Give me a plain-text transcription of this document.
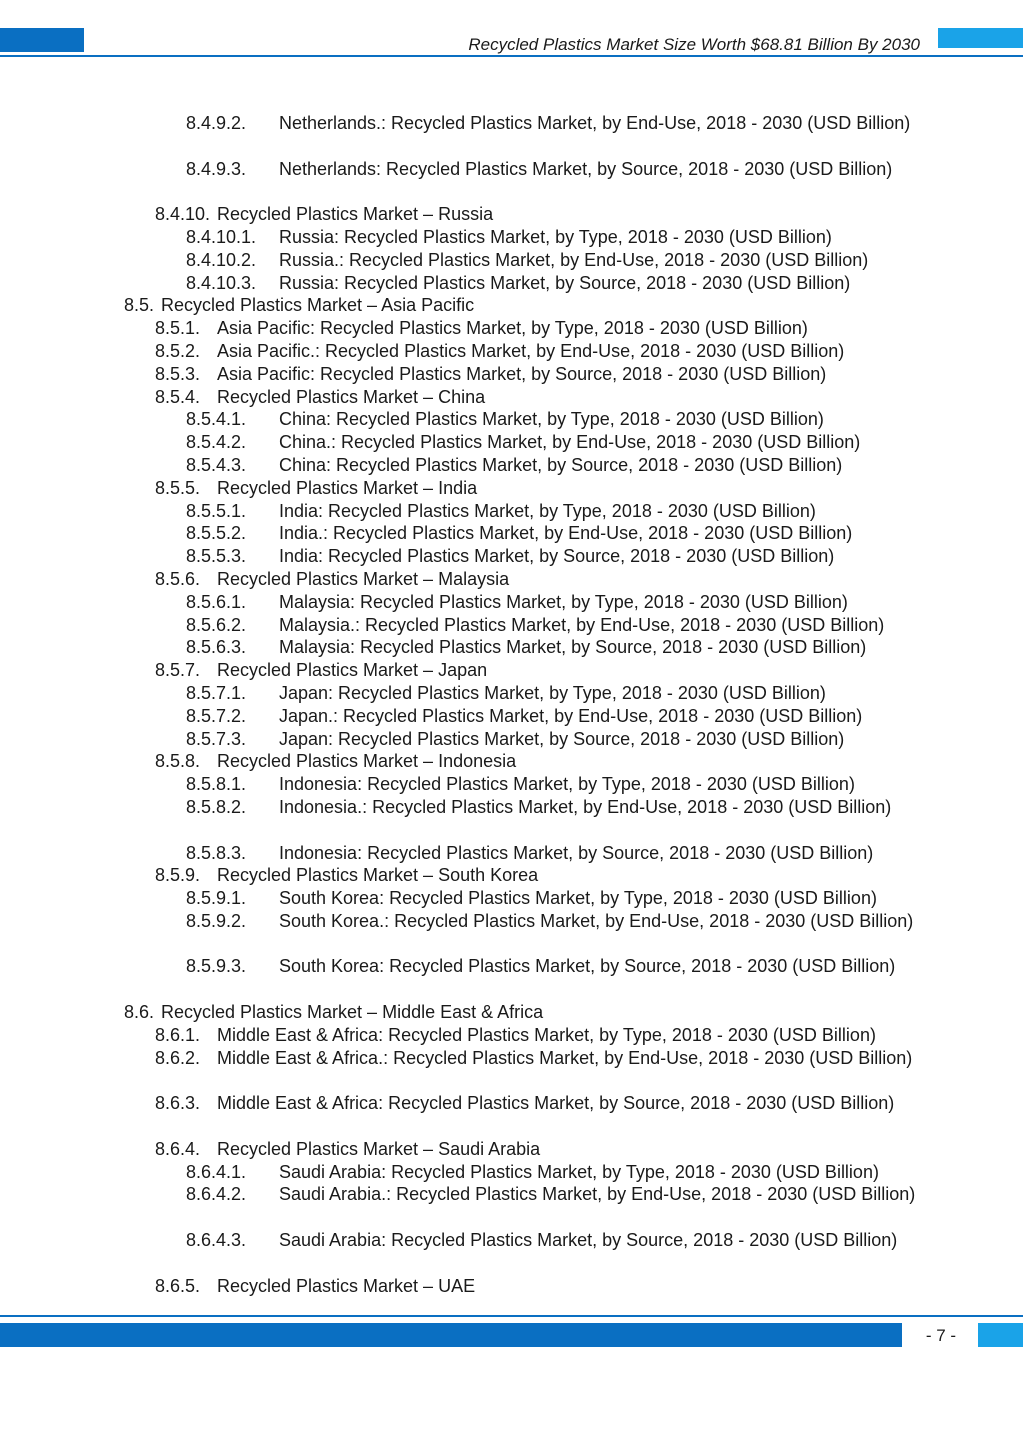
Recycled Plastics Market Size Worth $68.81 Billion By 2030
8.4.9.2.	Netherlands.: Recycled Plastics Market, by End-Use, 2018 - 2030 (USD Billion)
8.4.9.3.	Netherlands: Recycled Plastics Market, by Source, 2018 - 2030 (USD Billion)
8.4.10. Recycled Plastics Market – Russia
8.4.10.1. Russia: Recycled Plastics Market, by Type, 2018 - 2030 (USD Billion)
8.4.10.2. Russia.: Recycled Plastics Market, by End-Use, 2018 - 2030 (USD Billion)
8.4.10.3. Russia: Recycled Plastics Market, by Source, 2018 - 2030 (USD Billion)
8.5. Recycled Plastics Market – Asia Pacific
8.5.1. Asia Pacific: Recycled Plastics Market, by Type, 2018 - 2030 (USD Billion)
8.5.2. Asia Pacific.: Recycled Plastics Market, by End-Use, 2018 - 2030 (USD Billion)
8.5.3. Asia Pacific: Recycled Plastics Market, by Source, 2018 - 2030 (USD Billion)
8.5.4. Recycled Plastics Market – China
8.5.4.1. China: Recycled Plastics Market, by Type, 2018 - 2030 (USD Billion)
8.5.4.2. China.: Recycled Plastics Market, by End-Use, 2018 - 2030 (USD Billion)
8.5.4.3. China: Recycled Plastics Market, by Source, 2018 - 2030 (USD Billion)
8.5.5. Recycled Plastics Market – India
8.5.5.1. India: Recycled Plastics Market, by Type, 2018 - 2030 (USD Billion)
8.5.5.2. India.: Recycled Plastics Market, by End-Use, 2018 - 2030 (USD Billion)
8.5.5.3. India: Recycled Plastics Market, by Source, 2018 - 2030 (USD Billion)
8.5.6. Recycled Plastics Market – Malaysia
8.5.6.1. Malaysia: Recycled Plastics Market, by Type, 2018 - 2030 (USD Billion)
8.5.6.2. Malaysia.: Recycled Plastics Market, by End-Use, 2018 - 2030 (USD Billion)
8.5.6.3. Malaysia: Recycled Plastics Market, by Source, 2018 - 2030 (USD Billion)
8.5.7. Recycled Plastics Market – Japan
8.5.7.1. Japan: Recycled Plastics Market, by Type, 2018 - 2030 (USD Billion)
8.5.7.2. Japan.: Recycled Plastics Market, by End-Use, 2018 - 2030 (USD Billion)
8.5.7.3. Japan: Recycled Plastics Market, by Source, 2018 - 2030 (USD Billion)
8.5.8. Recycled Plastics Market – Indonesia
8.5.8.1. Indonesia: Recycled Plastics Market, by Type, 2018 - 2030 (USD Billion)
8.5.8.2.	Indonesia.: Recycled Plastics Market, by End-Use, 2018 - 2030 (USD Billion)
8.5.8.3. Indonesia: Recycled Plastics Market, by Source, 2018 - 2030 (USD Billion)
8.5.9. Recycled Plastics Market – South Korea
8.5.9.1. South Korea: Recycled Plastics Market, by Type, 2018 - 2030 (USD Billion)
8.5.9.2.	South Korea.: Recycled Plastics Market, by End-Use, 2018 - 2030 (USD Billion)
8.5.9.3.	South Korea: Recycled Plastics Market, by Source, 2018 - 2030 (USD Billion)
8.6. Recycled Plastics Market – Middle East & Africa
8.6.1. Middle East & Africa: Recycled Plastics Market, by Type, 2018 - 2030 (USD Billion)
8.6.2. Middle East & Africa.: Recycled Plastics Market, by End-Use, 2018 - 2030 (USD Billion)
8.6.3. Middle East & Africa: Recycled Plastics Market, by Source, 2018 - 2030 (USD Billion)
8.6.4. Recycled Plastics Market – Saudi Arabia
8.6.4.1. Saudi Arabia: Recycled Plastics Market, by Type, 2018 - 2030 (USD Billion)
8.6.4.2.	Saudi Arabia.: Recycled Plastics Market, by End-Use, 2018 - 2030 (USD Billion)
8.6.4.3.	Saudi Arabia: Recycled Plastics Market, by Source, 2018 - 2030 (USD Billion)
8.6.5. Recycled Plastics Market – UAE
- 7 -
